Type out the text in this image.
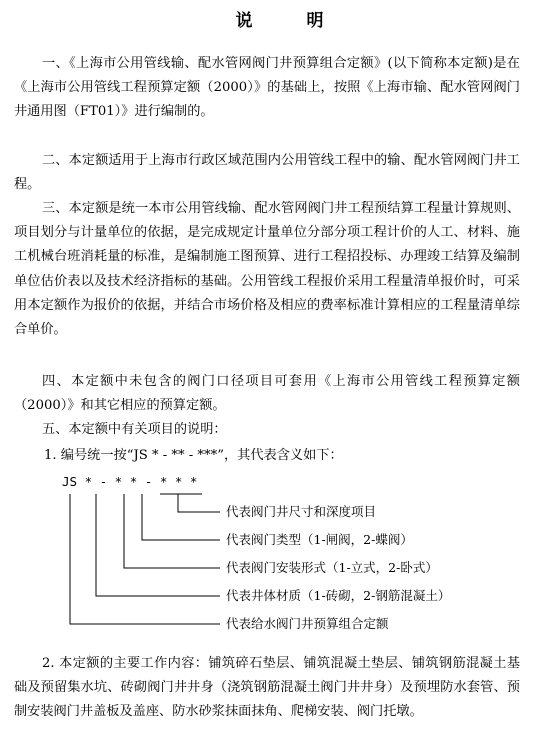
说 明
一、《上海市公用管线输、配水管网阀门井预算组合定额》(以下简称本定额)是在《上海市公用管线工程预算定额（2000）》的基础上，按照《上海市输、配水管网阀门井通用图（FT01）》进行编制的。
二、本定额适用于上海市行政区域范围内公用管线工程中的输、配水管网阀门井工程。
三、本定额是统一本市公用管线输、配水管网阀门井工程预结算工程量计算规则、项目划分与计量单位的依据，是完成规定计量单位分部分项工程计价的人工、材料、施工机械台班消耗量的标准，是编制施工图预算、进行工程招投标、办理竣工结算及编制单位估价表以及技术经济指标的基础。公用管线工程报价采用工程量清单报价时，可采用本定额作为报价的依据，并结合市场价格及相应的费率标准计算相应的工程量清单综合单价。
四、本定额中未包含的阀门口径项目可套用《上海市公用管线工程预算定额（2000）》和其它相应的预算定额。
五、本定额中有关项目的说明：
1. 编号统一按“JS * - ** - ***”，其代表含义如下：
JS * - * * - * * *
代表阀门井尺寸和深度项目
代表阀门类型（1-闸阀，2-蝶阀）
代表阀门安装形式（1-立式，2-卧式）
代表井体材质（1-砖砌，2-钢筋混凝土）
代表给水阀门井预算组合定额
2. 本定额的主要工作内容：铺筑碎石垫层、铺筑混凝土垫层、铺筑钢筋混凝土基础及预留集水坑、砖砌阀门井井身（浇筑钢筋混凝土阀门井井身）及预埋防水套管、预制安装阀门井盖板及盖座、防水砂浆抹面抹角、爬梯安装、阀门托墩。
